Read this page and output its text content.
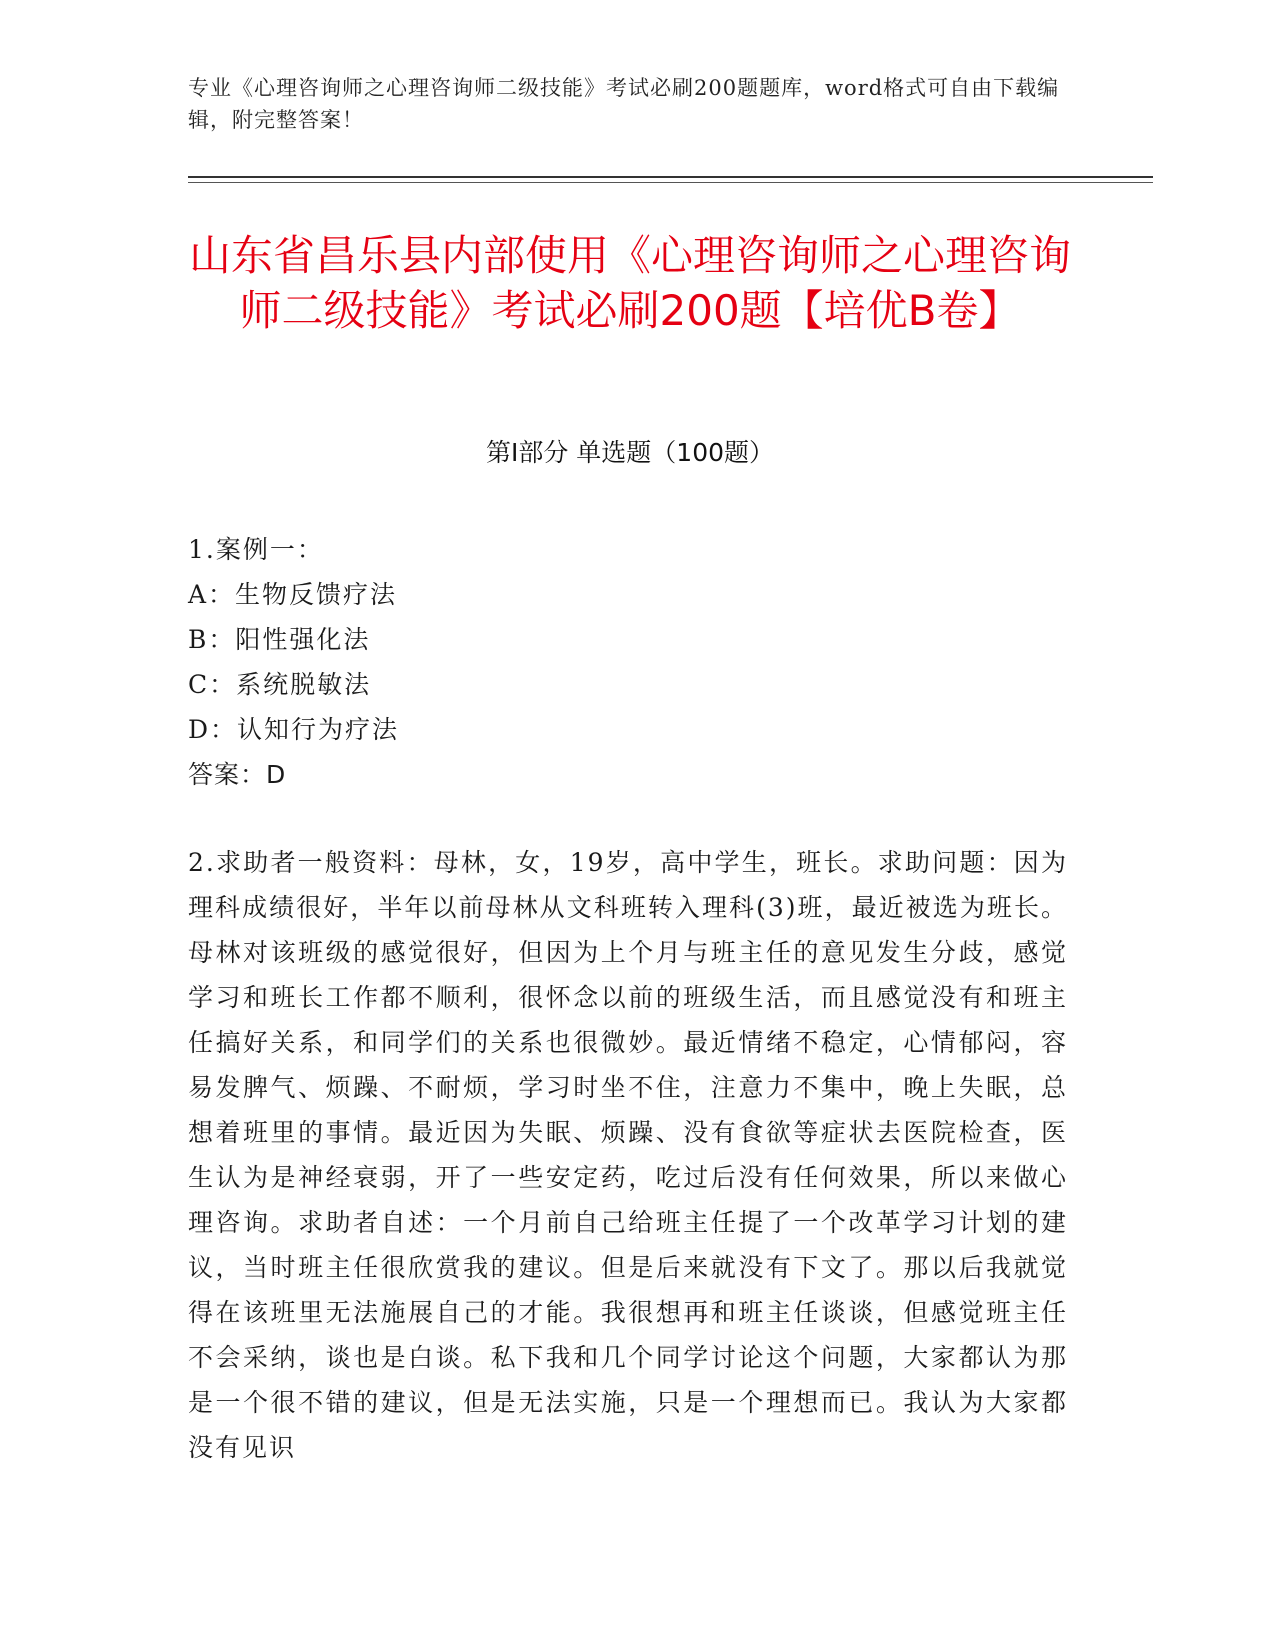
专业《心理咨询师之心理咨询师二级技能》考试必刷200题题库，word格式可自由下载编辑，附完整答案！
山东省昌乐县内部使用《心理咨询师之心理咨询师二级技能》考试必刷200题【培优B卷】
第Ⅰ部分 单选题（100题）
1.案例一：
A：生物反馈疗法
B：阳性强化法
C：系统脱敏法
D：认知行为疗法
答案：D
2.求助者一般资料：母林，女，19岁，高中学生，班长。求助问题：因为理科成绩很好，半年以前母林从文科班转入理科(3)班，最近被选为班长。母林对该班级的感觉很好，但因为上个月与班主任的意见发生分歧，感觉学习和班长工作都不顺利，很怀念以前的班级生活，而且感觉没有和班主任搞好关系，和同学们的关系也很微妙。最近情绪不稳定，心情郁闷，容易发脾气、烦躁、不耐烦，学习时坐不住，注意力不集中，晚上失眠，总想着班里的事情。最近因为失眠、烦躁、没有食欲等症状去医院检查，医生认为是神经衰弱，开了一些安定药，吃过后没有任何效果，所以来做心理咨询。求助者自述：一个月前自己给班主任提了一个改革学习计划的建议，当时班主任很欣赏我的建议。但是后来就没有下文了。那以后我就觉得在该班里无法施展自己的才能。我很想再和班主任谈谈，但感觉班主任不会采纳，谈也是白谈。私下我和几个同学讨论这个问题，大家都认为那是一个很不错的建议，但是无法实施，只是一个理想而已。我认为大家都没有见识
